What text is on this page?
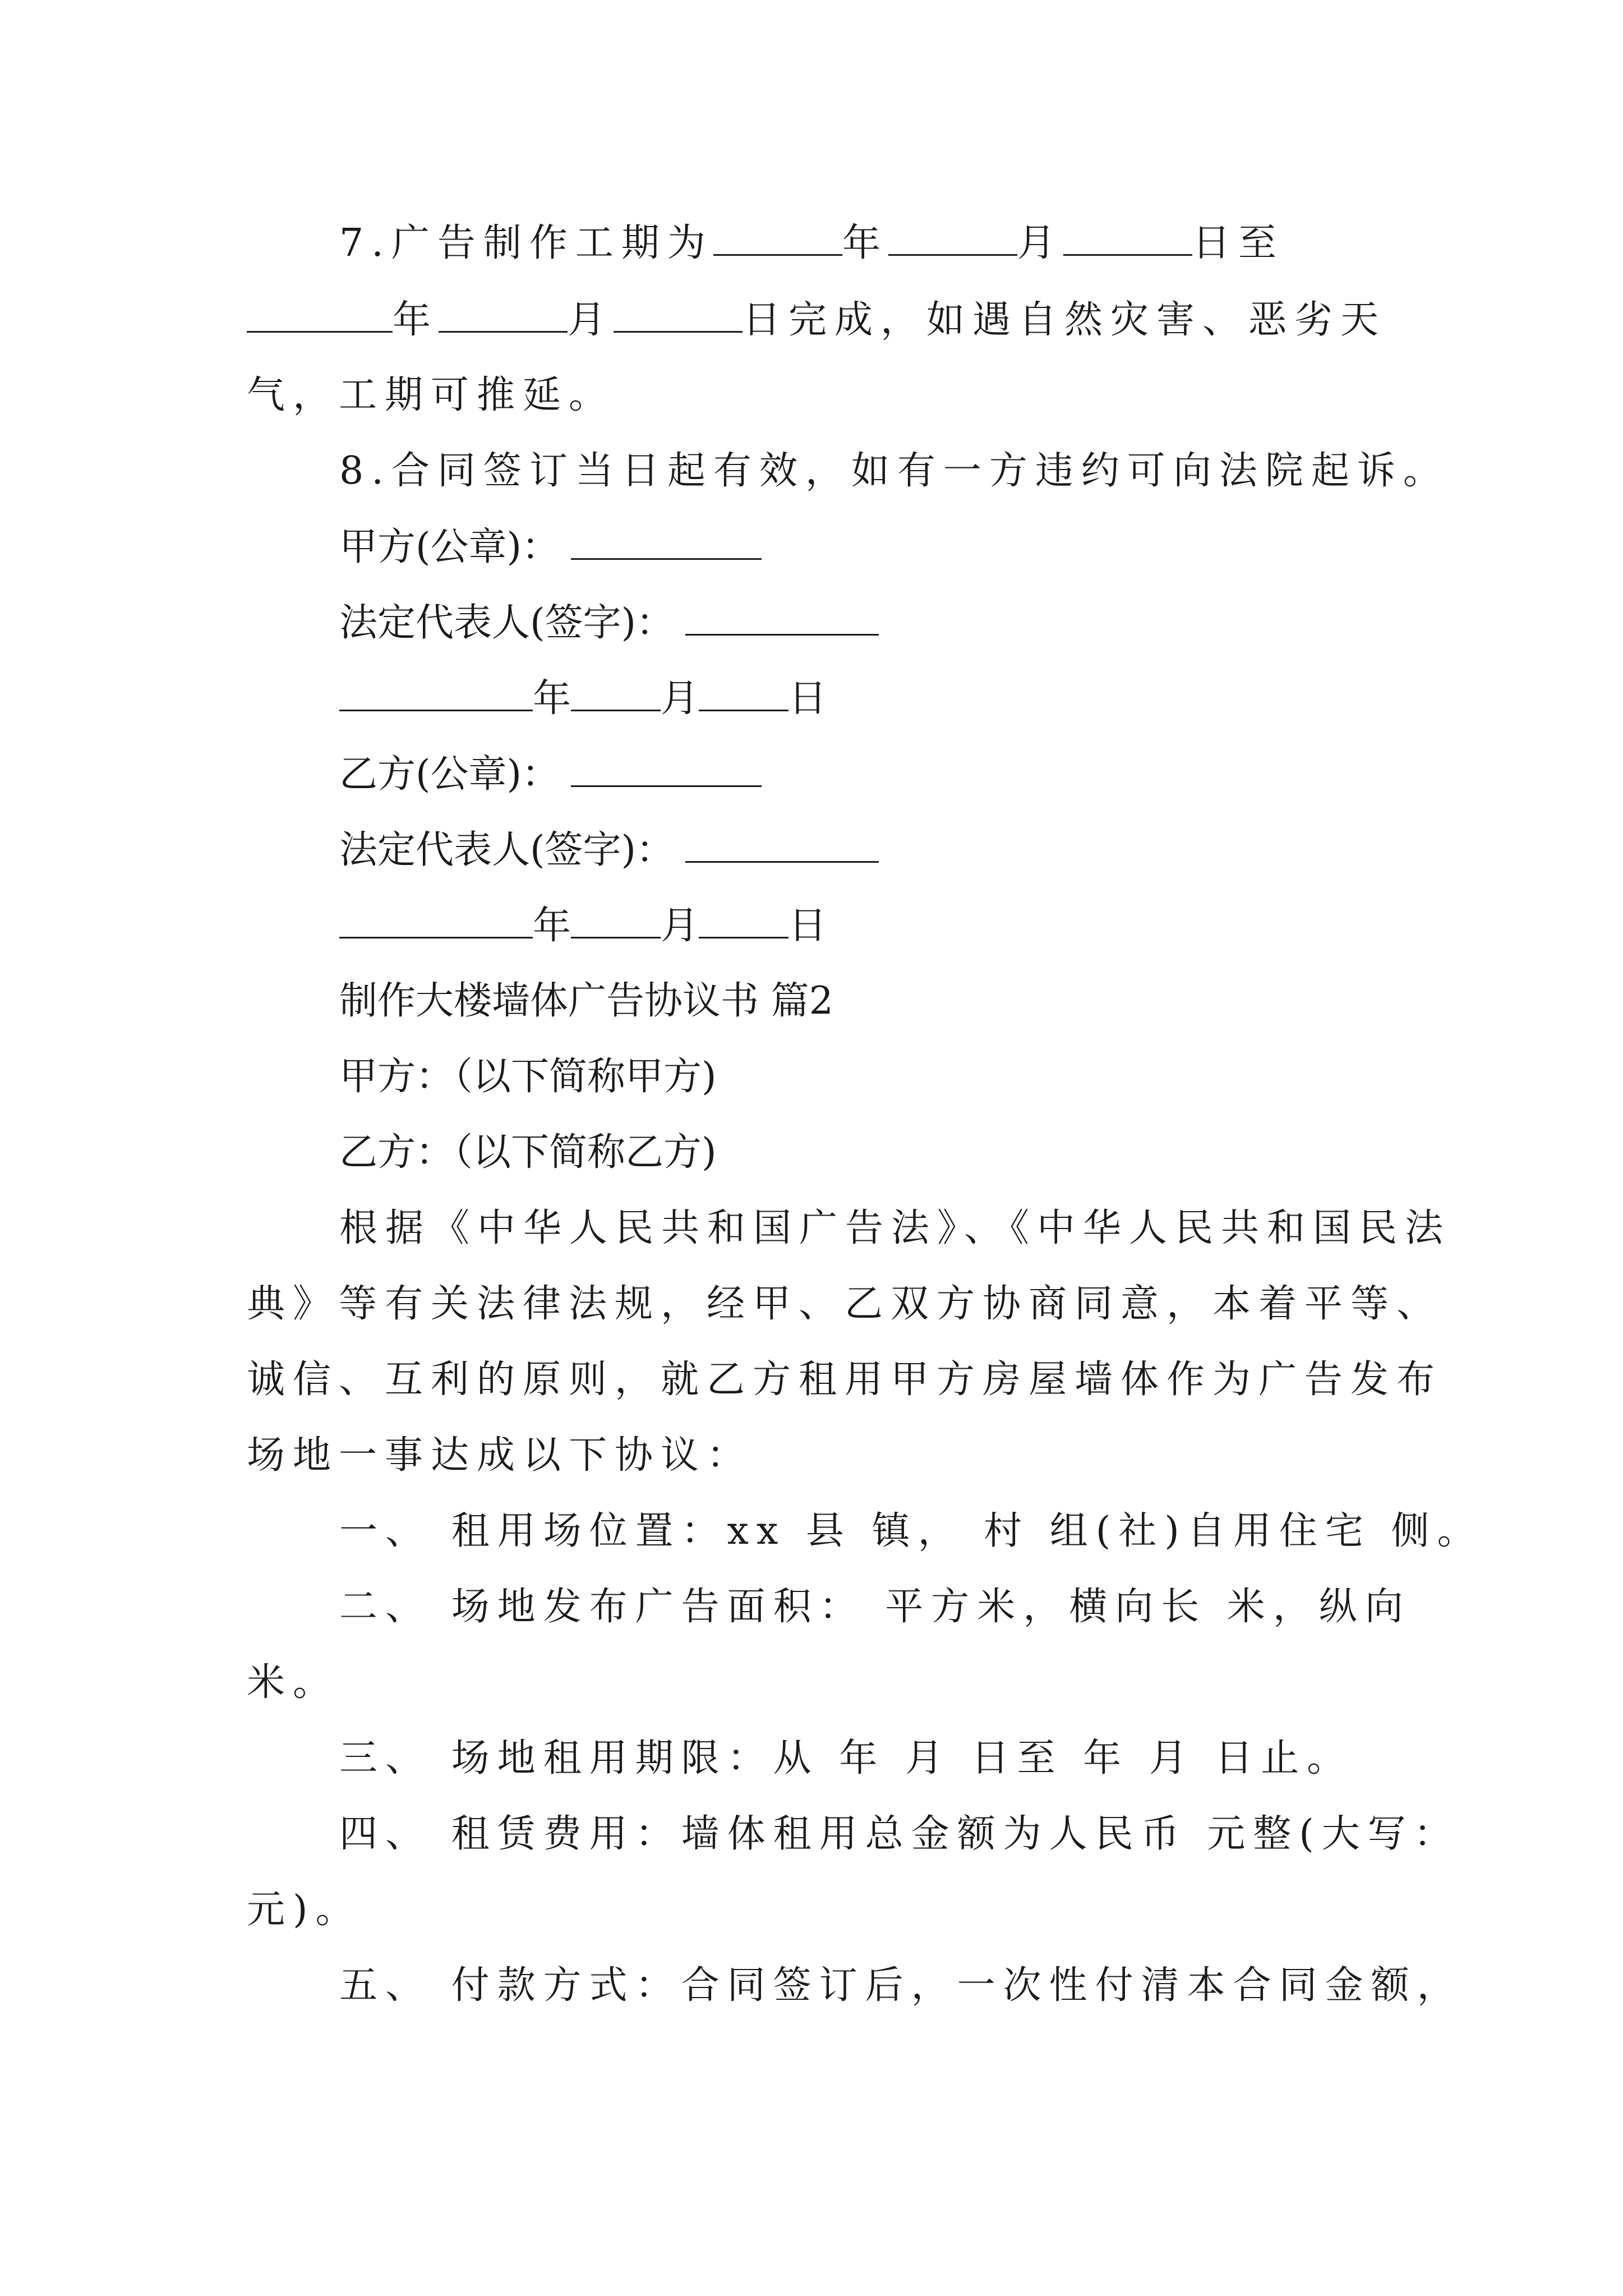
7.广告制作工期为	年	月	日至
年	月	日完成，如遇自然灾害、恶劣天
气，工期可推延。
8.合同签订当日起有效，如有一方违约可向法院起诉。
甲方(公章)：
法定代表人(签字)：
年 月 日
乙方(公章)：
法定代表人(签字)：
年 月 日
制作大楼墙体广告协议书 篇2
甲方：（以下简称甲方)
乙方：（以下简称乙方)
根据《中华人民共和国广告法》、《中华人民共和国民法
典》等有关法律法规，经甲、乙双方协商同意，本着平等、
诚信、互利的原则，就乙方租用甲方房屋墙体作为广告发布
场地一事达成以下协议：
一、 租用场位置：xx 县 镇， 村 组(社)自用住宅 侧。
二、 场地发布广告面积： 平方米，横向长 米，纵向
米。
三、 场地租用期限：从 年 月 日至 年 月 日止。
四、 租赁费用：墙体租用总金额为人民币 元整(大写：
元)。
五、 付款方式：合同签订后，一次性付清本合同金额，
